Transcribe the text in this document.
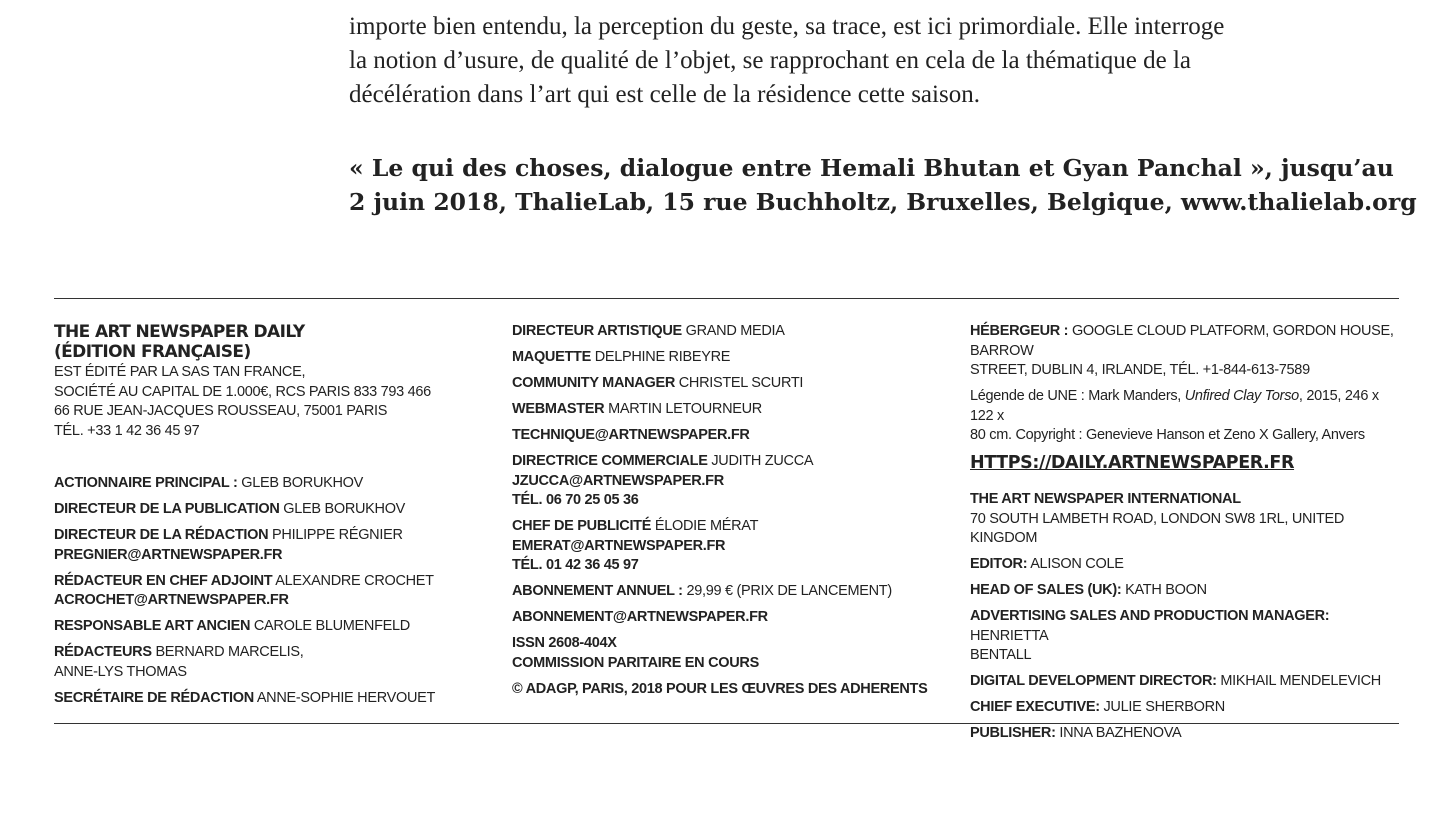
importe bien entendu, la perception du geste, sa trace, est ici primordiale. Elle interroge
la notion d’usure, de qualité de l’objet, se rapprochant en cela de la thématique de la
décélération dans l’art qui est celle de la résidence cette saison.

« Le qui des choses, dialogue entre Hemali Bhutan et Gyan Panchal », jusqu’au
2 juin 2018, ThalieLab, 15 rue Buchholtz, Bruxelles, Belgique, www.thalielab.org

THE ART NEWSPAPER DAILY
(ÉDITION FRANÇAISE)
EST ÉDITÉ PAR LA SAS TAN FRANCE,
SOCIÉTÉ AU CAPITAL DE 1.000€, RCS PARIS 833 793 466
66 RUE JEAN-JACQUES ROUSSEAU, 75001 PARIS
TÉL. +33 1 42 36 45 97
ACTIONNAIRE PRINCIPAL : GLEB BORUKHOV
DIRECTEUR DE LA PUBLICATION GLEB BORUKHOV
DIRECTEUR DE LA RÉDACTION PHILIPPE RÉGNIER
PREGNIER@ARTNEWSPAPER.FR
RÉDACTEUR EN CHEF ADJOINT ALEXANDRE CROCHET
ACROCHET@ARTNEWSPAPER.FR
RESPONSABLE ART ANCIEN CAROLE BLUMENFELD
RÉDACTEURS BERNARD MARCELIS,
ANNE-LYS THOMAS
SECRÉTAIRE DE RÉDACTION ANNE-SOPHIE HERVOUET
DIRECTEUR ARTISTIQUE GRAND MEDIA
MAQUETTE DELPHINE RIBEYRE
COMMUNITY MANAGER CHRISTEL SCURTI
WEBMASTER MARTIN LETOURNEUR
TECHNIQUE@ARTNEWSPAPER.FR
DIRECTRICE COMMERCIALE JUDITH ZUCCA
JZUCCA@ARTNEWSPAPER.FR
TÉL. 06 70 25 05 36
CHEF DE PUBLICITÉ ÉLODIE MÉRAT
EMERAT@ARTNEWSPAPER.FR
TÉL. 01 42 36 45 97
ABONNEMENT ANNUEL : 29,99 € (PRIX DE LANCEMENT)
ABONNEMENT@ARTNEWSPAPER.FR
ISSN 2608-404X
COMMISSION PARITAIRE EN COURS
© ADAGP, PARIS, 2018 POUR LES ŒUVRES DES ADHERENTS
HÉBERGEUR : GOOGLE CLOUD PLATFORM, GORDON HOUSE, BARROW
STREET, DUBLIN 4, IRLANDE, TÉL. +1-844-613-7589
Légende de UNE : Mark Manders, Unfired Clay Torso, 2015, 246 x 122 x
80 cm. Copyright : Genevieve Hanson et Zeno X Gallery, Anvers
HTTPS://DAILY.ARTNEWSPAPER.FR
THE ART NEWSPAPER INTERNATIONAL
70 SOUTH LAMBETH ROAD, LONDON SW8 1RL, UNITED KINGDOM
EDITOR: ALISON COLE
HEAD OF SALES (UK): KATH BOON
ADVERTISING SALES AND PRODUCTION MANAGER: HENRIETTA
BENTALL
DIGITAL DEVELOPMENT DIRECTOR: MIKHAIL MENDELEVICH
CHIEF EXECUTIVE: JULIE SHERBORN
PUBLISHER: INNA BAZHENOVA
